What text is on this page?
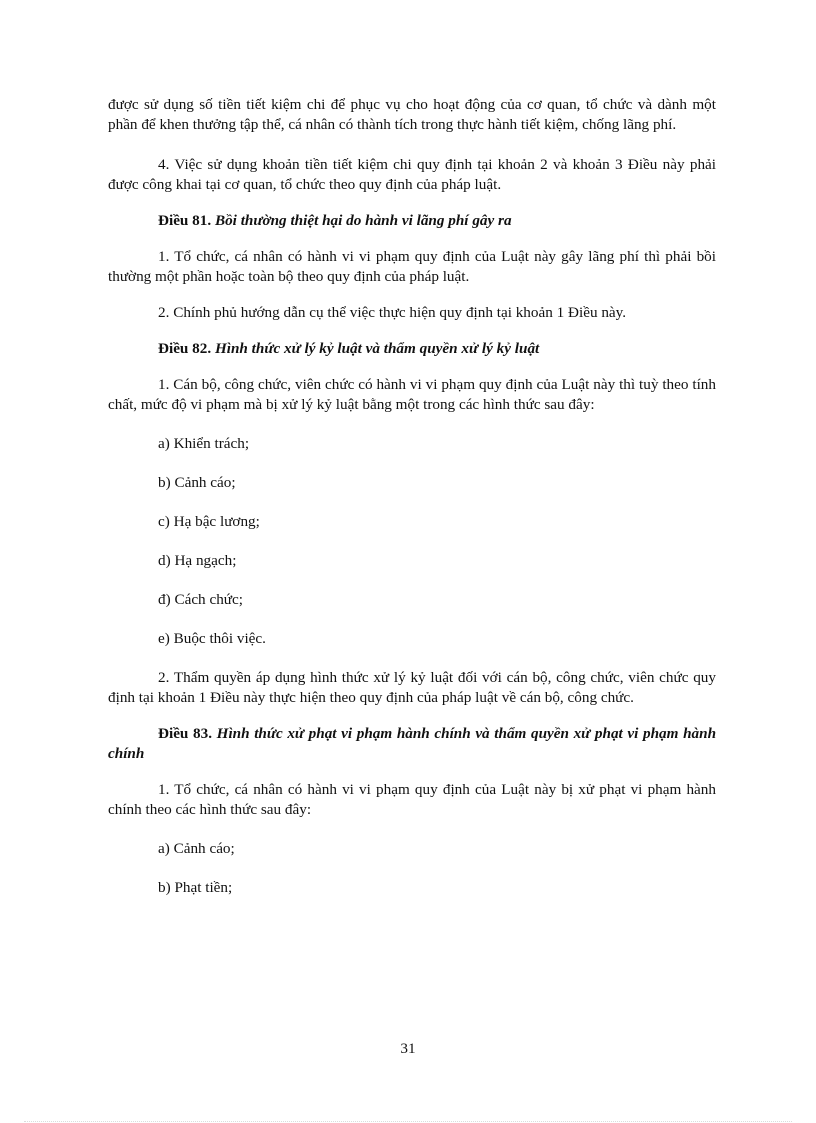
được sử dụng số tiền tiết kiệm chi để phục vụ cho hoạt động của cơ quan, tổ chức và dành một phần để khen thưởng tập thể, cá nhân có thành tích trong thực hành tiết kiệm, chống lãng phí.

4. Việc sử dụng khoản tiền tiết kiệm chi quy định tại khoản 2 và khoản 3 Điều này phải được công khai tại cơ quan, tổ chức theo quy định của pháp luật.

Điều 81. Bồi thường thiệt hại do hành vi lãng phí gây ra

1. Tổ chức, cá nhân có hành vi vi phạm quy định của Luật này gây lãng phí thì phải bồi thường một phần hoặc toàn bộ theo quy định của pháp luật.

2. Chính phủ hướng dẫn cụ thể việc thực hiện quy định tại khoản 1 Điều này.

Điều 82. Hình thức xử lý kỷ luật và thẩm quyền xử lý kỷ luật

1. Cán bộ, công chức, viên chức có hành vi vi phạm quy định của Luật này thì tuỳ theo tính chất, mức độ vi phạm mà bị xử lý kỷ luật bằng một trong các hình thức sau đây:

a) Khiển trách;

b) Cảnh cáo;

c) Hạ bậc lương;

d) Hạ ngạch;

đ) Cách chức;

e) Buộc thôi việc.

2. Thẩm quyền áp dụng hình thức xử lý kỷ luật đối với cán bộ, công chức, viên chức quy định tại khoản 1 Điều này thực hiện theo quy định của pháp luật về cán bộ, công chức.

Điều 83. Hình thức xử phạt vi phạm hành chính và thẩm quyền xử phạt vi phạm hành chính

1. Tổ chức, cá nhân có hành vi vi phạm quy định của Luật này bị xử phạt vi phạm hành chính theo các hình thức sau đây:

a) Cảnh cáo;

b) Phạt tiền;

31
